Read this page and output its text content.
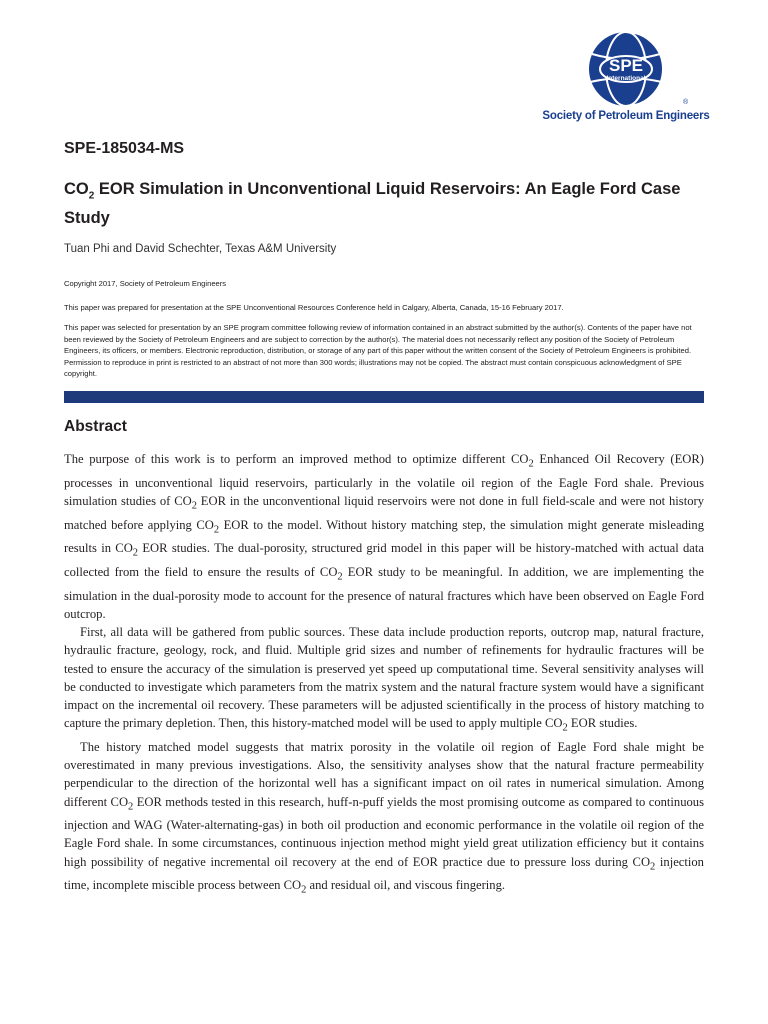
SPE
International
®
Society of Petroleum Engineers
SPE-185034-MS
$CO_2$ EOR Simulation in Unconventional Liquid Reservoirs: An Eagle Ford Case Study
Tuan Phi and David Schechter, Texas A&M University
Copyright 2017, Society of Petroleum Engineers
This paper was prepared for presentation at the SPE Unconventional Resources Conference held in Calgary, Alberta, Canada, 15-16 February 2017.
This paper was selected for presentation by an SPE program committee following review of information contained in an abstract submitted by the author(s). Contents of the paper have not been reviewed by the Society of Petroleum Engineers and are subject to correction by the author(s). The material does not necessarily reflect any position of the Society of Petroleum Engineers, its officers, or members. Electronic reproduction, distribution, or storage of any part of this paper without the written consent of the Society of Petroleum Engineers is prohibited. Permission to reproduce in print is restricted to an abstract of not more than 300 words; illustrations may not be copied. The abstract must contain conspicuous acknowledgment of SPE copyright.
Abstract

The purpose of this work is to perform an improved method to optimize different $CO_2$ Enhanced Oil Recovery (EOR) processes in unconventional liquid reservoirs, particularly in the volatile oil region of the Eagle Ford shale. Previous simulation studies of $CO_2$ EOR in the unconventional liquid reservoirs were not done in full field-scale and were not history matched before applying $CO_2$ EOR to the model. Without history matching step, the simulation might generate misleading results in $CO_2$ EOR studies. The dual-porosity, structured grid model in this paper will be history-matched with actual data collected from the field to ensure the results of $CO_2$ EOR study to be meaningful. In addition, we are implementing the simulation in the dual-porosity mode to account for the presence of natural fractures which have been observed on Eagle Ford outcrop.

First, all data will be gathered from public sources. These data include production reports, outcrop map, natural fracture, hydraulic fracture, geology, rock, and fluid. Multiple grid sizes and number of refinements for hydraulic fractures will be tested to ensure the accuracy of the simulation is preserved yet speed up computational time. Several sensitivity analyses will be conducted to investigate which parameters from the matrix system and the natural fracture system would have a significant impact on the incremental oil recovery. These parameters will be adjusted scientifically in the process of history matching to capture the primary depletion. Then, this history-matched model will be used to apply multiple $CO_2$ EOR studies.

The history matched model suggests that matrix porosity in the volatile oil region of Eagle Ford shale might be overestimated in many previous investigations. Also, the sensitivity analyses show that the natural fracture permeability perpendicular to the direction of the horizontal well has a significant impact on oil rates in numerical simulation. Among different $CO_2$ EOR methods tested in this research, huff-n-puff yields the most promising outcome as compared to continuous injection and WAG (Water-alternating-gas) in both oil production and economic performance in the volatile oil region of the Eagle Ford shale. In some circumstances, continuous injection method might yield great utilization efficiency but it contains high possibility of negative incremental oil recovery at the end of EOR practice due to pressure loss during $CO_2$ injection time, incomplete miscible process between $CO_2$ and residual oil, and viscous fingering.
